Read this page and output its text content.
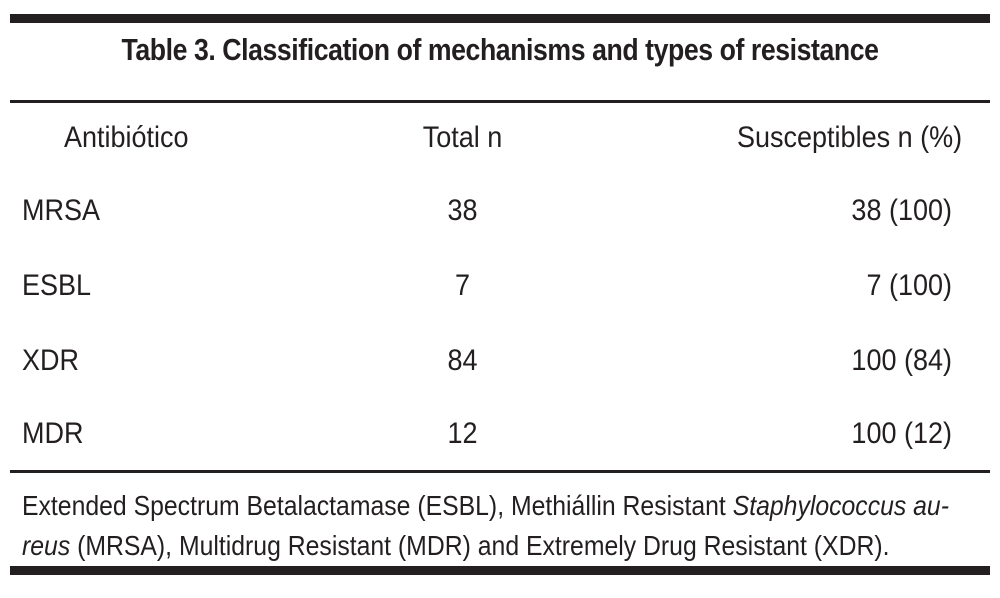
Table 3. Classification of mechanisms and types of resistance
Antibiótico	Total n	Susceptibles n (%)
MRSA	38	38 (100)
ESBL	7	7 (100)
XDR	84	100 (84)
MDR	12	100 (12)
Extended Spectrum Betalactamase (ESBL), Methiállin Resistant Staphylococcus au-
reus (MRSA), Multidrug Resistant (MDR) and Extremely Drug Resistant (XDR).
